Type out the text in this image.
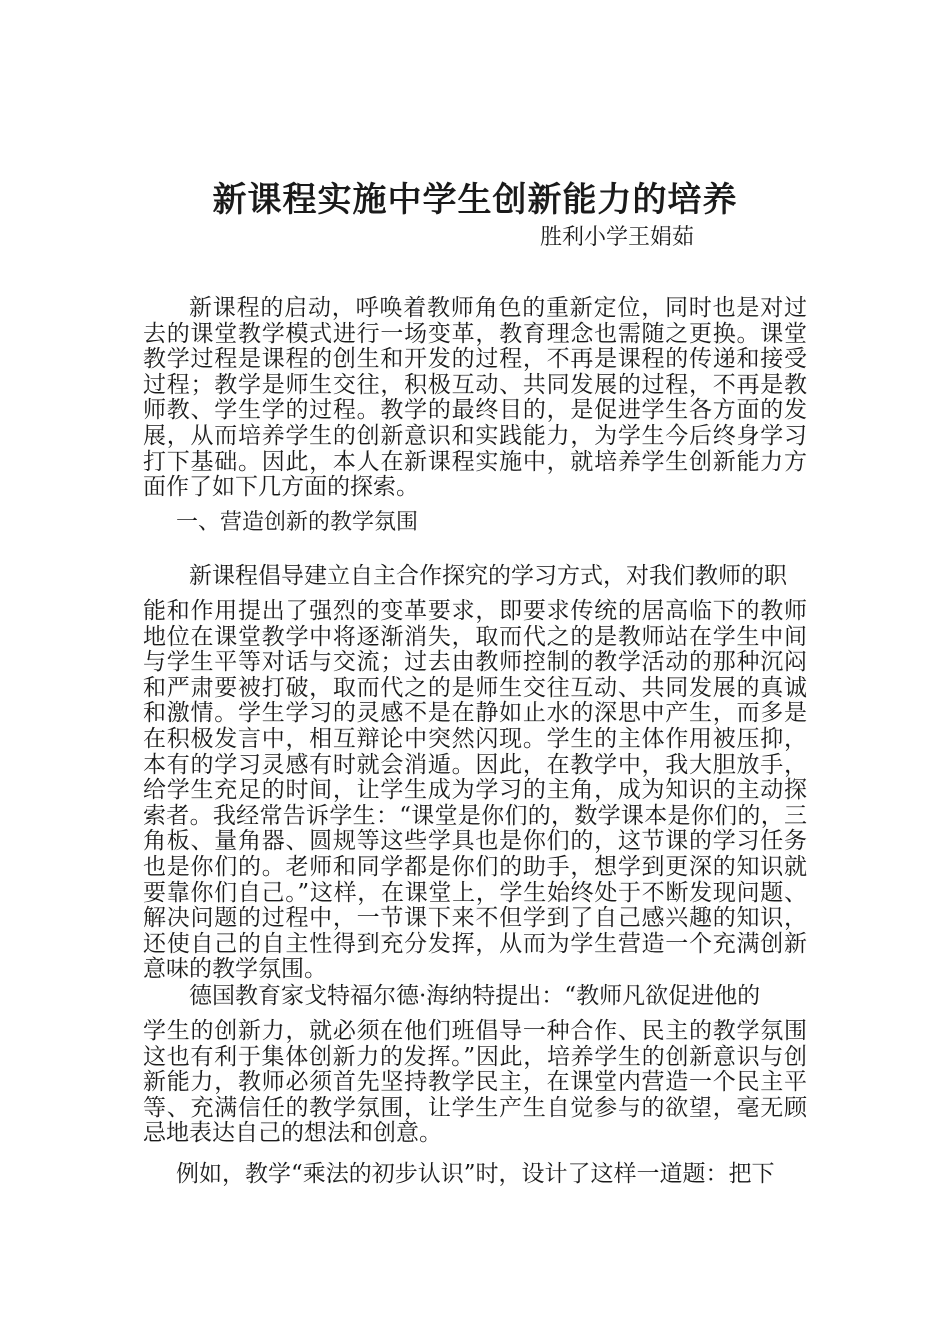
新课程实施中学生创新能力的培养

胜利小学王娟茹

新课程的启动，呼唤着教师角色的重新定位，同时也是对过去的课堂教学模式进行一场变革，教育理念也需随之更换。课堂教学过程是课程的创生和开发的过程，不再是课程的传递和接受过程；教学是师生交往，积极互动、共同发展的过程，不再是教师教、学生学的过程。教学的最终目的，是促进学生各方面的发展，从而培养学生的创新意识和实践能力，为学生今后终身学习打下基础。因此，本人在新课程实施中，就培养学生创新能力方面作了如下几方面的探索。

一、营造创新的教学氛围

新课程倡导建立自主合作探究的学习方式，对我们教师的职

能和作用提出了强烈的变革要求，即要求传统的居高临下的教师地位在课堂教学中将逐渐消失，取而代之的是教师站在学生中间与学生平等对话与交流；过去由教师控制的教学活动的那种沉闷和严肃要被打破，取而代之的是师生交往互动、共同发展的真诚和激情。学生学习的灵感不是在静如止水的深思中产生，而多是在积极发言中，相互辩论中突然闪现。学生的主体作用被压抑，本有的学习灵感有时就会消遁。因此，在教学中，我大胆放手，给学生充足的时间，让学生成为学习的主角，成为知识的主动探索者。我经常告诉学生：“课堂是你们的，数学课本是你们的，三角板、量角器、圆规等这些学具也是你们的，这节课的学习任务也是你们的。老师和同学都是你们的助手，想学到更深的知识就要靠你们自己。”这样，在课堂上，学生始终处于不断发现问题、解决问题的过程中，一节课下来不但学到了自己感兴趣的知识，还使自己的自主性得到充分发挥，从而为学生营造一个充满创新意味的教学氛围。

德国教育家戈特福尔德·海纳特提出：“教师凡欲促进他的

学生的创新力，就必须在他们班倡导一种合作、民主的教学氛围这也有利于集体创新力的发挥。”因此，培养学生的创新意识与创新能力，教师必须首先坚持教学民主，在课堂内营造一个民主平等、充满信任的教学氛围，让学生产生自觉参与的欲望，毫无顾忌地表达自己的想法和创意。

例如，教学“乘法的初步认识”时，设计了这样一道题：把下
